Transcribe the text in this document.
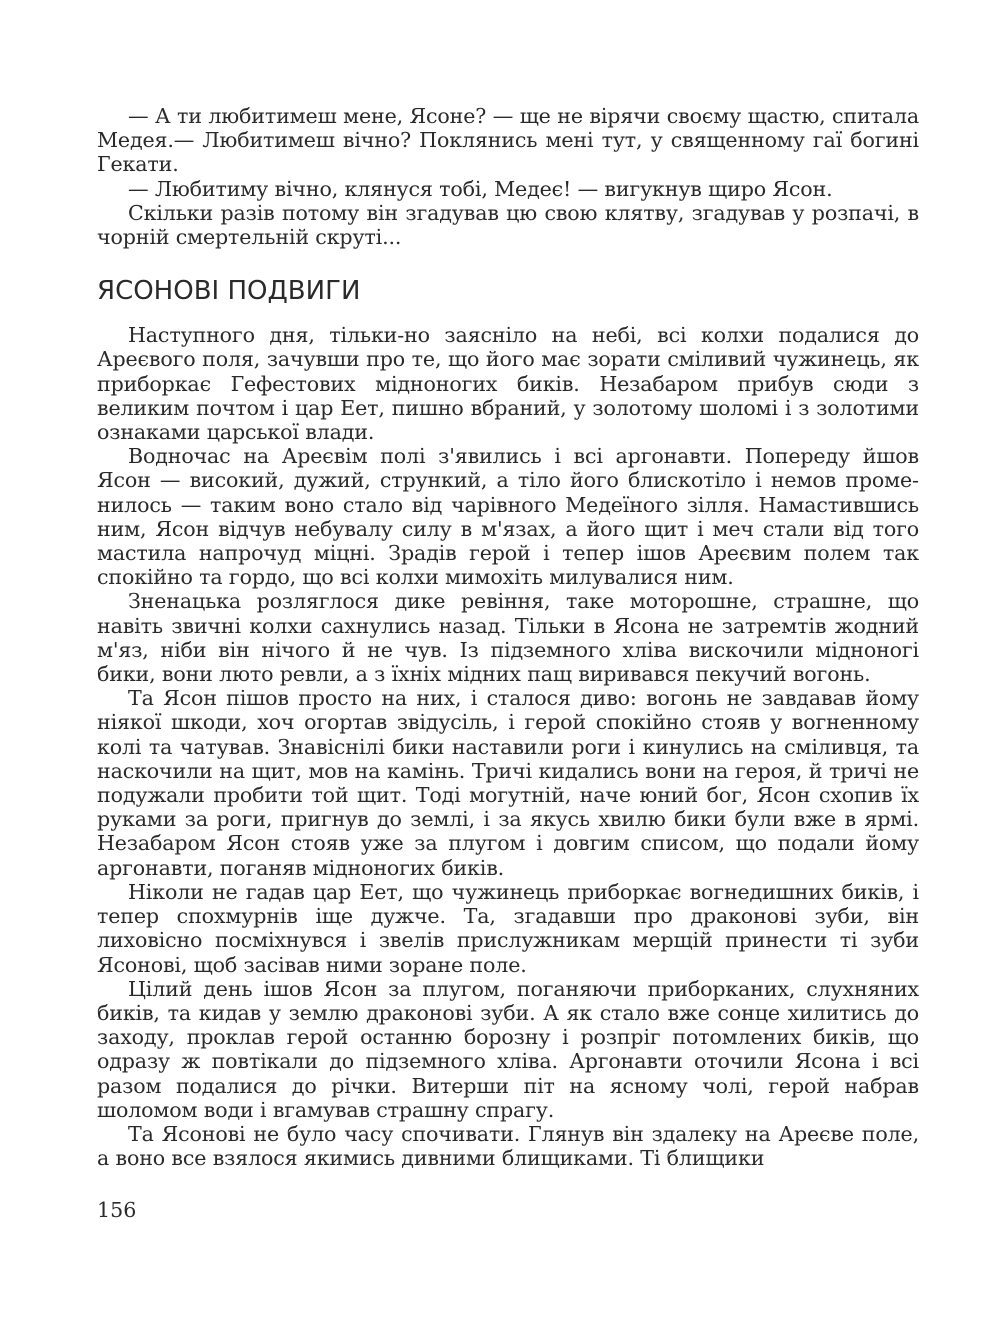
— А ти любитимеш мене, Ясоне? — ще не вірячи своєму щастю, спитала Медея.— Любитимеш вічно? Поклянись мені тут, у священному гаї богині Гекати.

— Любитиму вічно, клянуся тобі, Медеє! — вигукнув щиро Ясон.

Скільки разів потому він згадував цю свою клятву, згадував у розпачі, в чорній смертельній скруті...

ЯСОНОВІ ПОДВИГИ

Наступного дня, тільки-но заясніло на небі, всі колхи подалися до Ареєвого поля, зачувши про те, що його має зорати сміливий чужинець, як приборкає Гефестових мідноногих биків. Незабаром прибув сюди з великим почтом і цар Еет, пишно вбраний, у золотому шоломі і з золотими ознаками царської влади.

Водночас на Ареєвім полі з'явились і всі аргонавти. Попереду йшов Ясон — високий, дужий, стрункий, а тіло його блискотіло і немов променилось — таким воно стало від чарівного Медеїного зілля. Намастившись ним, Ясон відчув небувалу силу в м'язах, а його щит і меч стали від того мастила напрочуд міцні. Зрадів герой і тепер ішов Ареєвим полем так спокійно та гордо, що всі колхи мимохіть милувалися ним.

Зненацька розляглося дике ревіння, таке моторошне, страшне, що навіть звичні колхи сахнулись назад. Тільки в Ясона не затремтів жодний м'яз, ніби він нічого й не чув. Із підземного хліва вискочили мідноногі бики, вони люто ревли, а з їхніх мідних пащ виривався пекучий вогонь.

Та Ясон пішов просто на них, і сталося диво: вогонь не завдавав йому ніякої шкоди, хоч огортав звідусіль, і герой спокійно стояв у вогненному колі та чатував. Знавіснілі бики наставили роги і кинулись на сміливця, та наскочили на щит, мов на камінь. Тричі кидались вони на героя, й тричі не подужали пробити той щит. Тоді могутній, наче юний бог, Ясон схопив їх руками за роги, пригнув до землі, і за якусь хвилю бики були вже в ярмі. Незабаром Ясон стояв уже за плугом і довгим списом, що подали йому аргонавти, поганяв мідноногих биків.

Ніколи не гадав цар Еет, що чужинець приборкає вогнедишних биків, і тепер спохмурнів іще дужче. Та, згадавши про драконові зуби, він лиховісно посміхнувся і звелів прислужникам мерщій принести ті зуби Ясонові, щоб засівав ними зоране поле.

Цілий день ішов Ясон за плугом, поганяючи приборканих, слухняних биків, та кидав у землю драконові зуби. А як стало вже сонце хилитись до заходу, проклав герой останню борозну і розпріг потомлених биків, що одразу ж повтікали до підземного хліва. Аргонавти оточили Ясона і всі разом подалися до річки. Витерши піт на ясному чолі, герой набрав шоломом води і вгамував страшну спрагу.

Та Ясонові не було часу спочивати. Глянув він здалеку на Ареєве поле, а воно все взялося якимись дивними блищиками. Ті блищики

156
